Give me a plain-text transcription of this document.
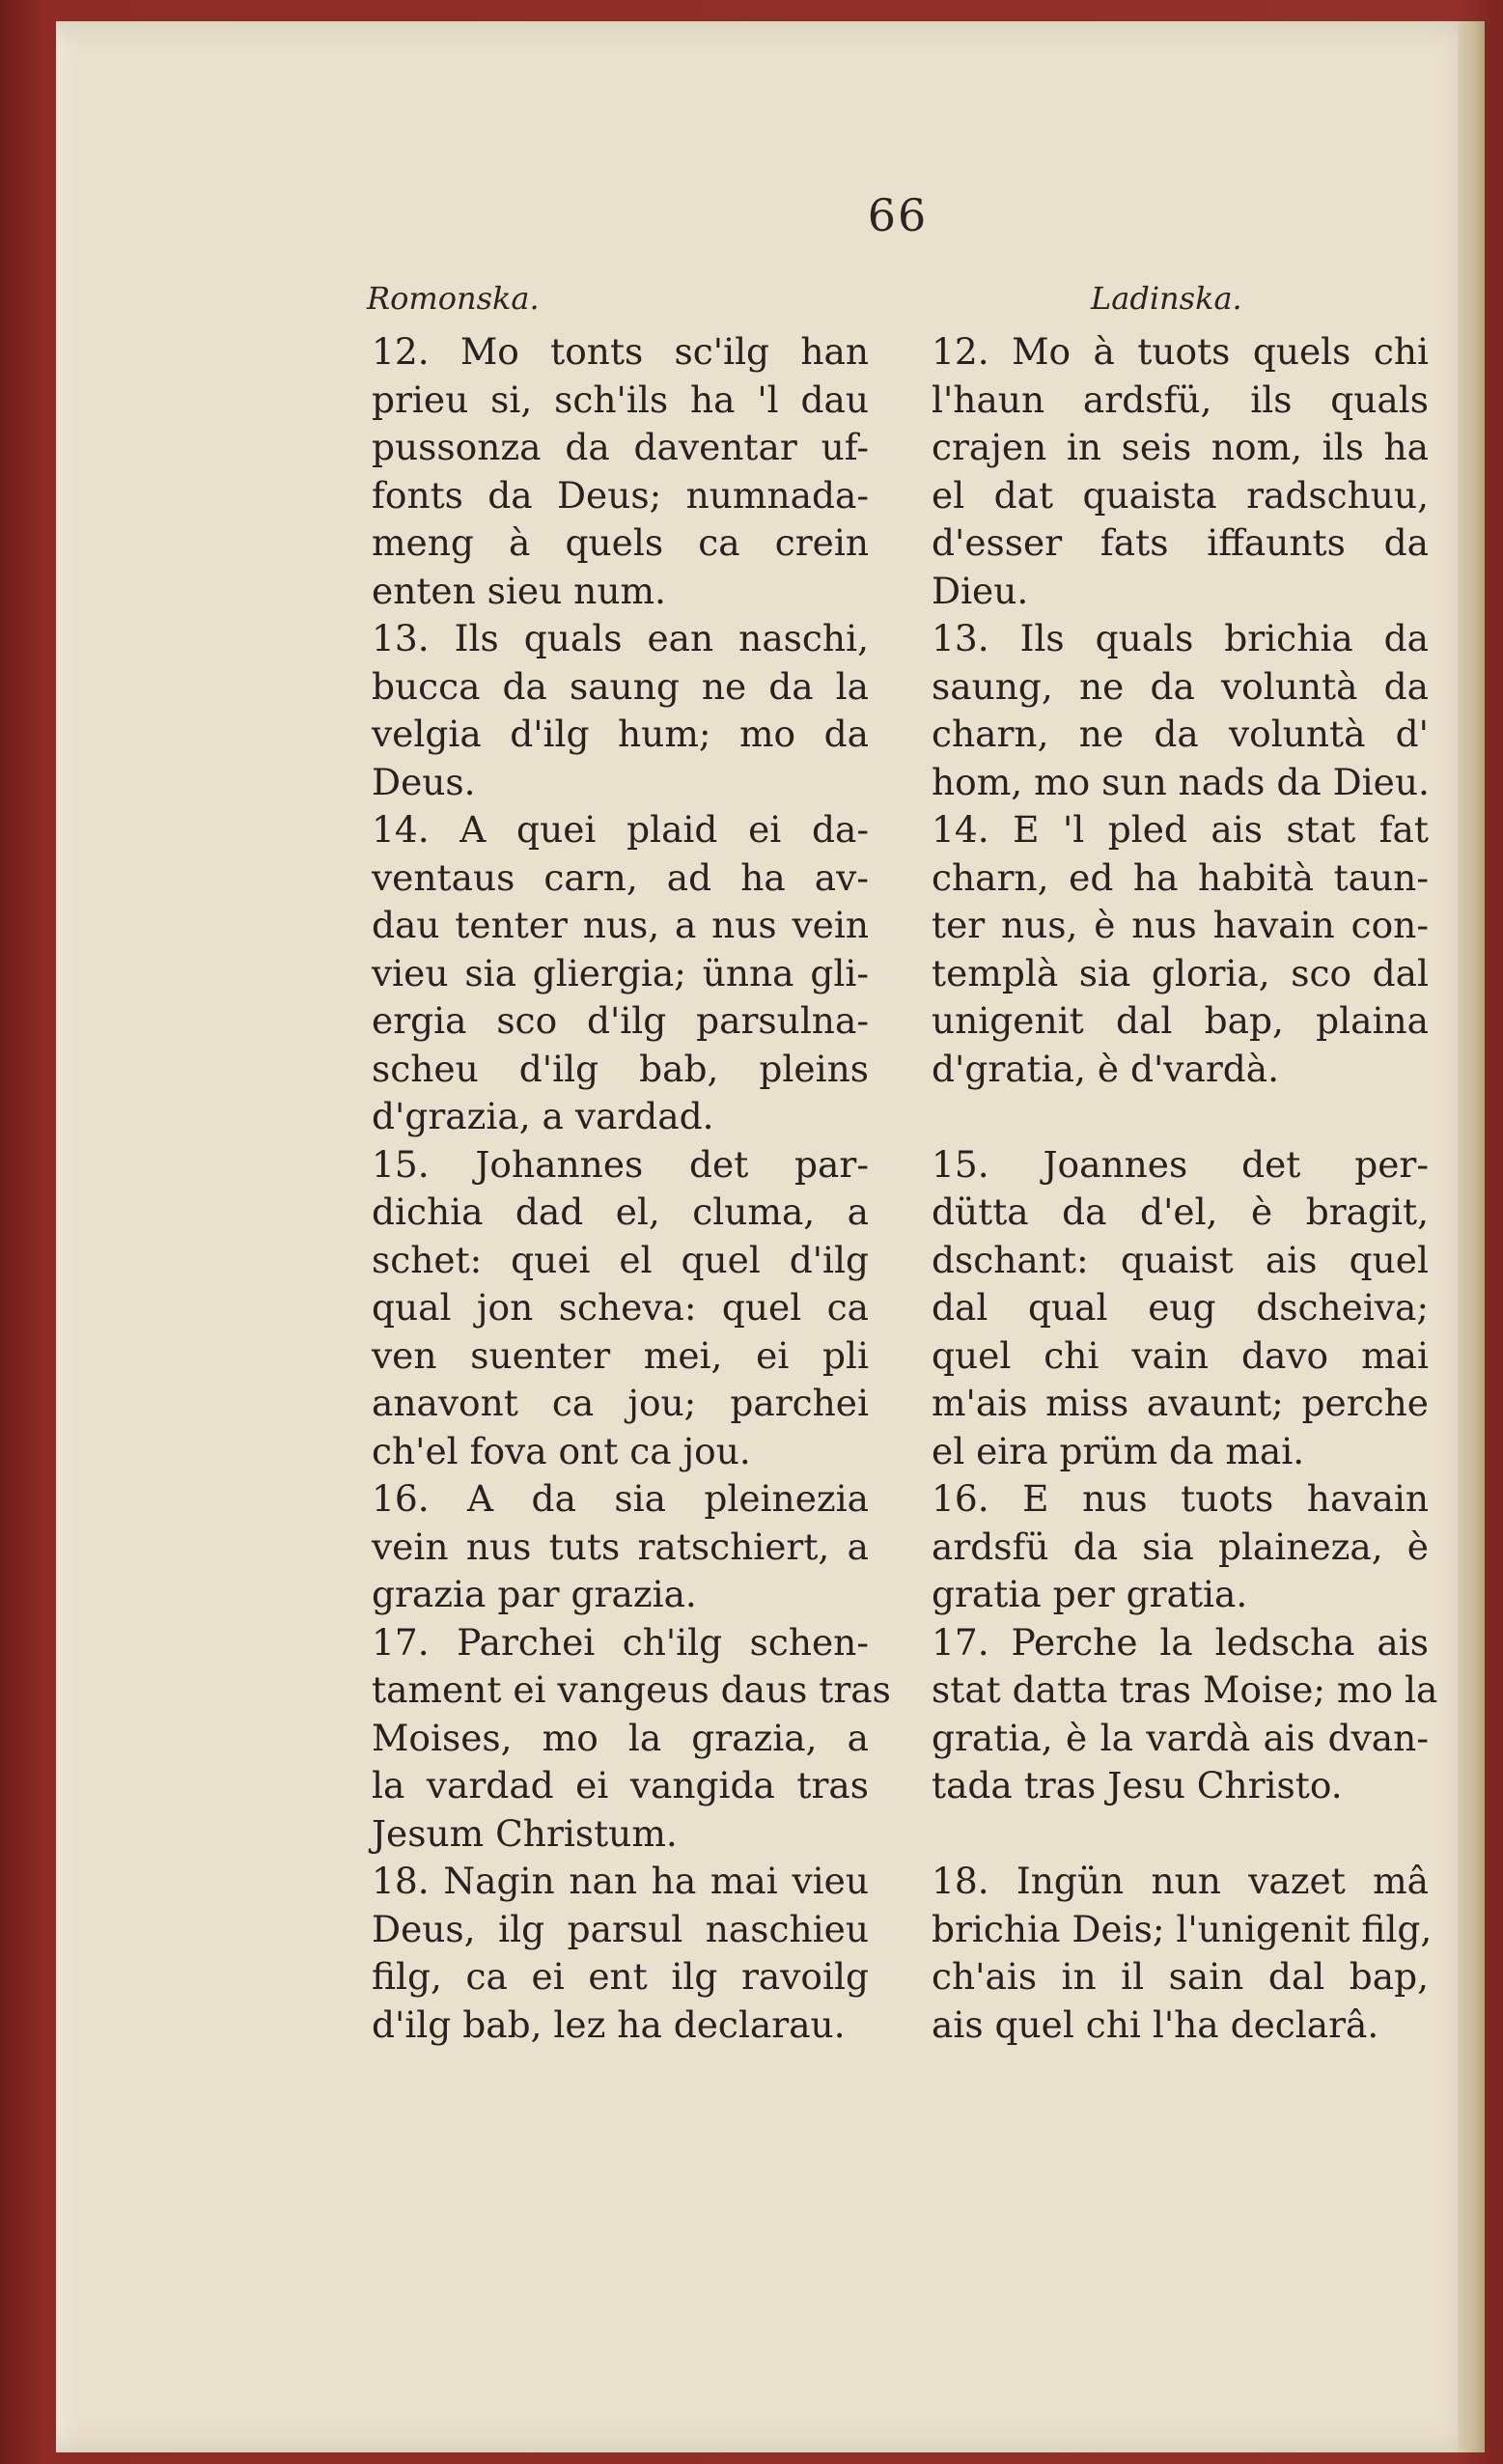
66
Romonska.	Ladinska.
12. Mo tonts sc'ilg han
prieu si, sch'ils ha 'l dau
pussonza da daventar uf-
fonts da Deus; numnada-
meng à quels ca crein
enten sieu num.
13. Ils quals ean naschi,
bucca da saung ne da la
velgia d'ilg hum; mo da
Deus.
14. A quei plaid ei da-
ventaus carn, ad ha av-
dau tenter nus, a nus vein
vieu sia gliergia; ünna gli-
ergia sco d'ilg parsulna-
scheu d'ilg bab, pleins
d'grazia, a vardad.
15. Johannes det par-
dichia dad el, cluma, a
schet: quei el quel d'ilg
qual jon scheva: quel ca
ven suenter mei, ei pli
anavont ca jou; parchei
ch'el fova ont ca jou.
16. A da sia pleinezia
vein nus tuts ratschiert, a
grazia par grazia.
17. Parchei ch'ilg schen-
tament ei vangeus daus tras
Moises, mo la grazia, a
la vardad ei vangida tras
Jesum Christum.
18. Nagin nan ha mai vieu
Deus, ilg parsul naschieu
filg, ca ei ent ilg ravoilg
d'ilg bab, lez ha declarau.
12. Mo à tuots quels chi
l'haun ardsfü, ils quals
crajen in seis nom, ils ha
el dat quaista radschuu,
d'esser fats iffaunts da
Dieu.
13. Ils quals brichia da
saung, ne da voluntà da
charn, ne da voluntà d'
hom, mo sun nads da Dieu.
14. E 'l pled ais stat fat
charn, ed ha habità taun-
ter nus, è nus havain con-
templà sia gloria, sco dal
unigenit dal bap, plaina
d'gratia, è d'vardà.
15. Joannes det per-
dütta da d'el, è bragit,
dschant: quaist ais quel
dal qual eug dscheiva;
quel chi vain davo mai
m'ais miss avaunt; perche
el eira prüm da mai.
16. E nus tuots havain
ardsfü da sia plaineza, è
gratia per gratia.
17. Perche la ledscha ais
stat datta tras Moise; mo la
gratia, è la vardà ais dvan-
tada tras Jesu Christo.
18. Ingün nun vazet mâ
brichia Deis; l'unigenit filg,
ch'ais in il sain dal bap,
ais quel chi l'ha declarâ.
